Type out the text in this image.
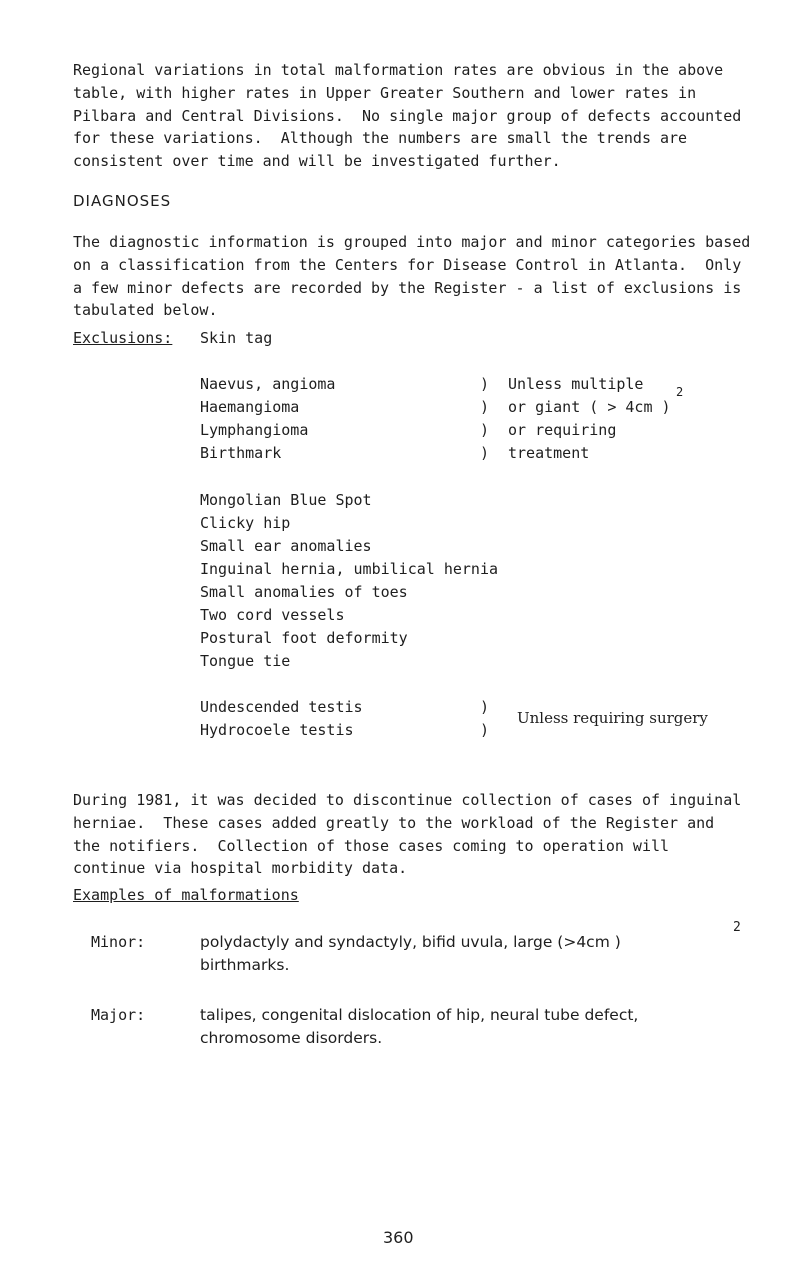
Regional variations in total malformation rates are obvious in the above
table, with higher rates in Upper Greater Southern and lower rates in
Pilbara and Central Divisions.  No single major group of defects accounted
for these variations.  Although the numbers are small the trends are
consistent over time and will be investigated further.

DIAGNOSES

The diagnostic information is grouped into major and minor categories based
on a classification from the Centers for Disease Control in Atlanta.  Only
a few minor defects are recorded by the Register - a list of exclusions is
tabulated below.

Exclusions: Skin tag
Naevus, angioma
Haemangioma
Lymphangioma
Birthmark
)
)
)
)
Unless multiple
or giant ( > 4cm )
2
or requiring
treatment
Mongolian Blue Spot
Clicky hip
Small ear anomalies
Inguinal hernia, umbilical hernia
Small anomalies of toes
Two cord vessels
Postural foot deformity
Tongue tie
Undescended testis
Hydrocoele testis
)
)
Unless requiring surgery

During 1981, it was decided to discontinue collection of cases of inguinal
herniae.  These cases added greatly to the workload of the Register and
the notifiers.  Collection of those cases coming to operation will
continue via hospital morbidity data.

Examples of malformations
Minor:	polydactyly and syndactyly, bifid uvula, large (>4cm )
2
birthmarks.
Major:	talipes, congenital dislocation of hip, neural tube defect,
chromosome disorders.
360
